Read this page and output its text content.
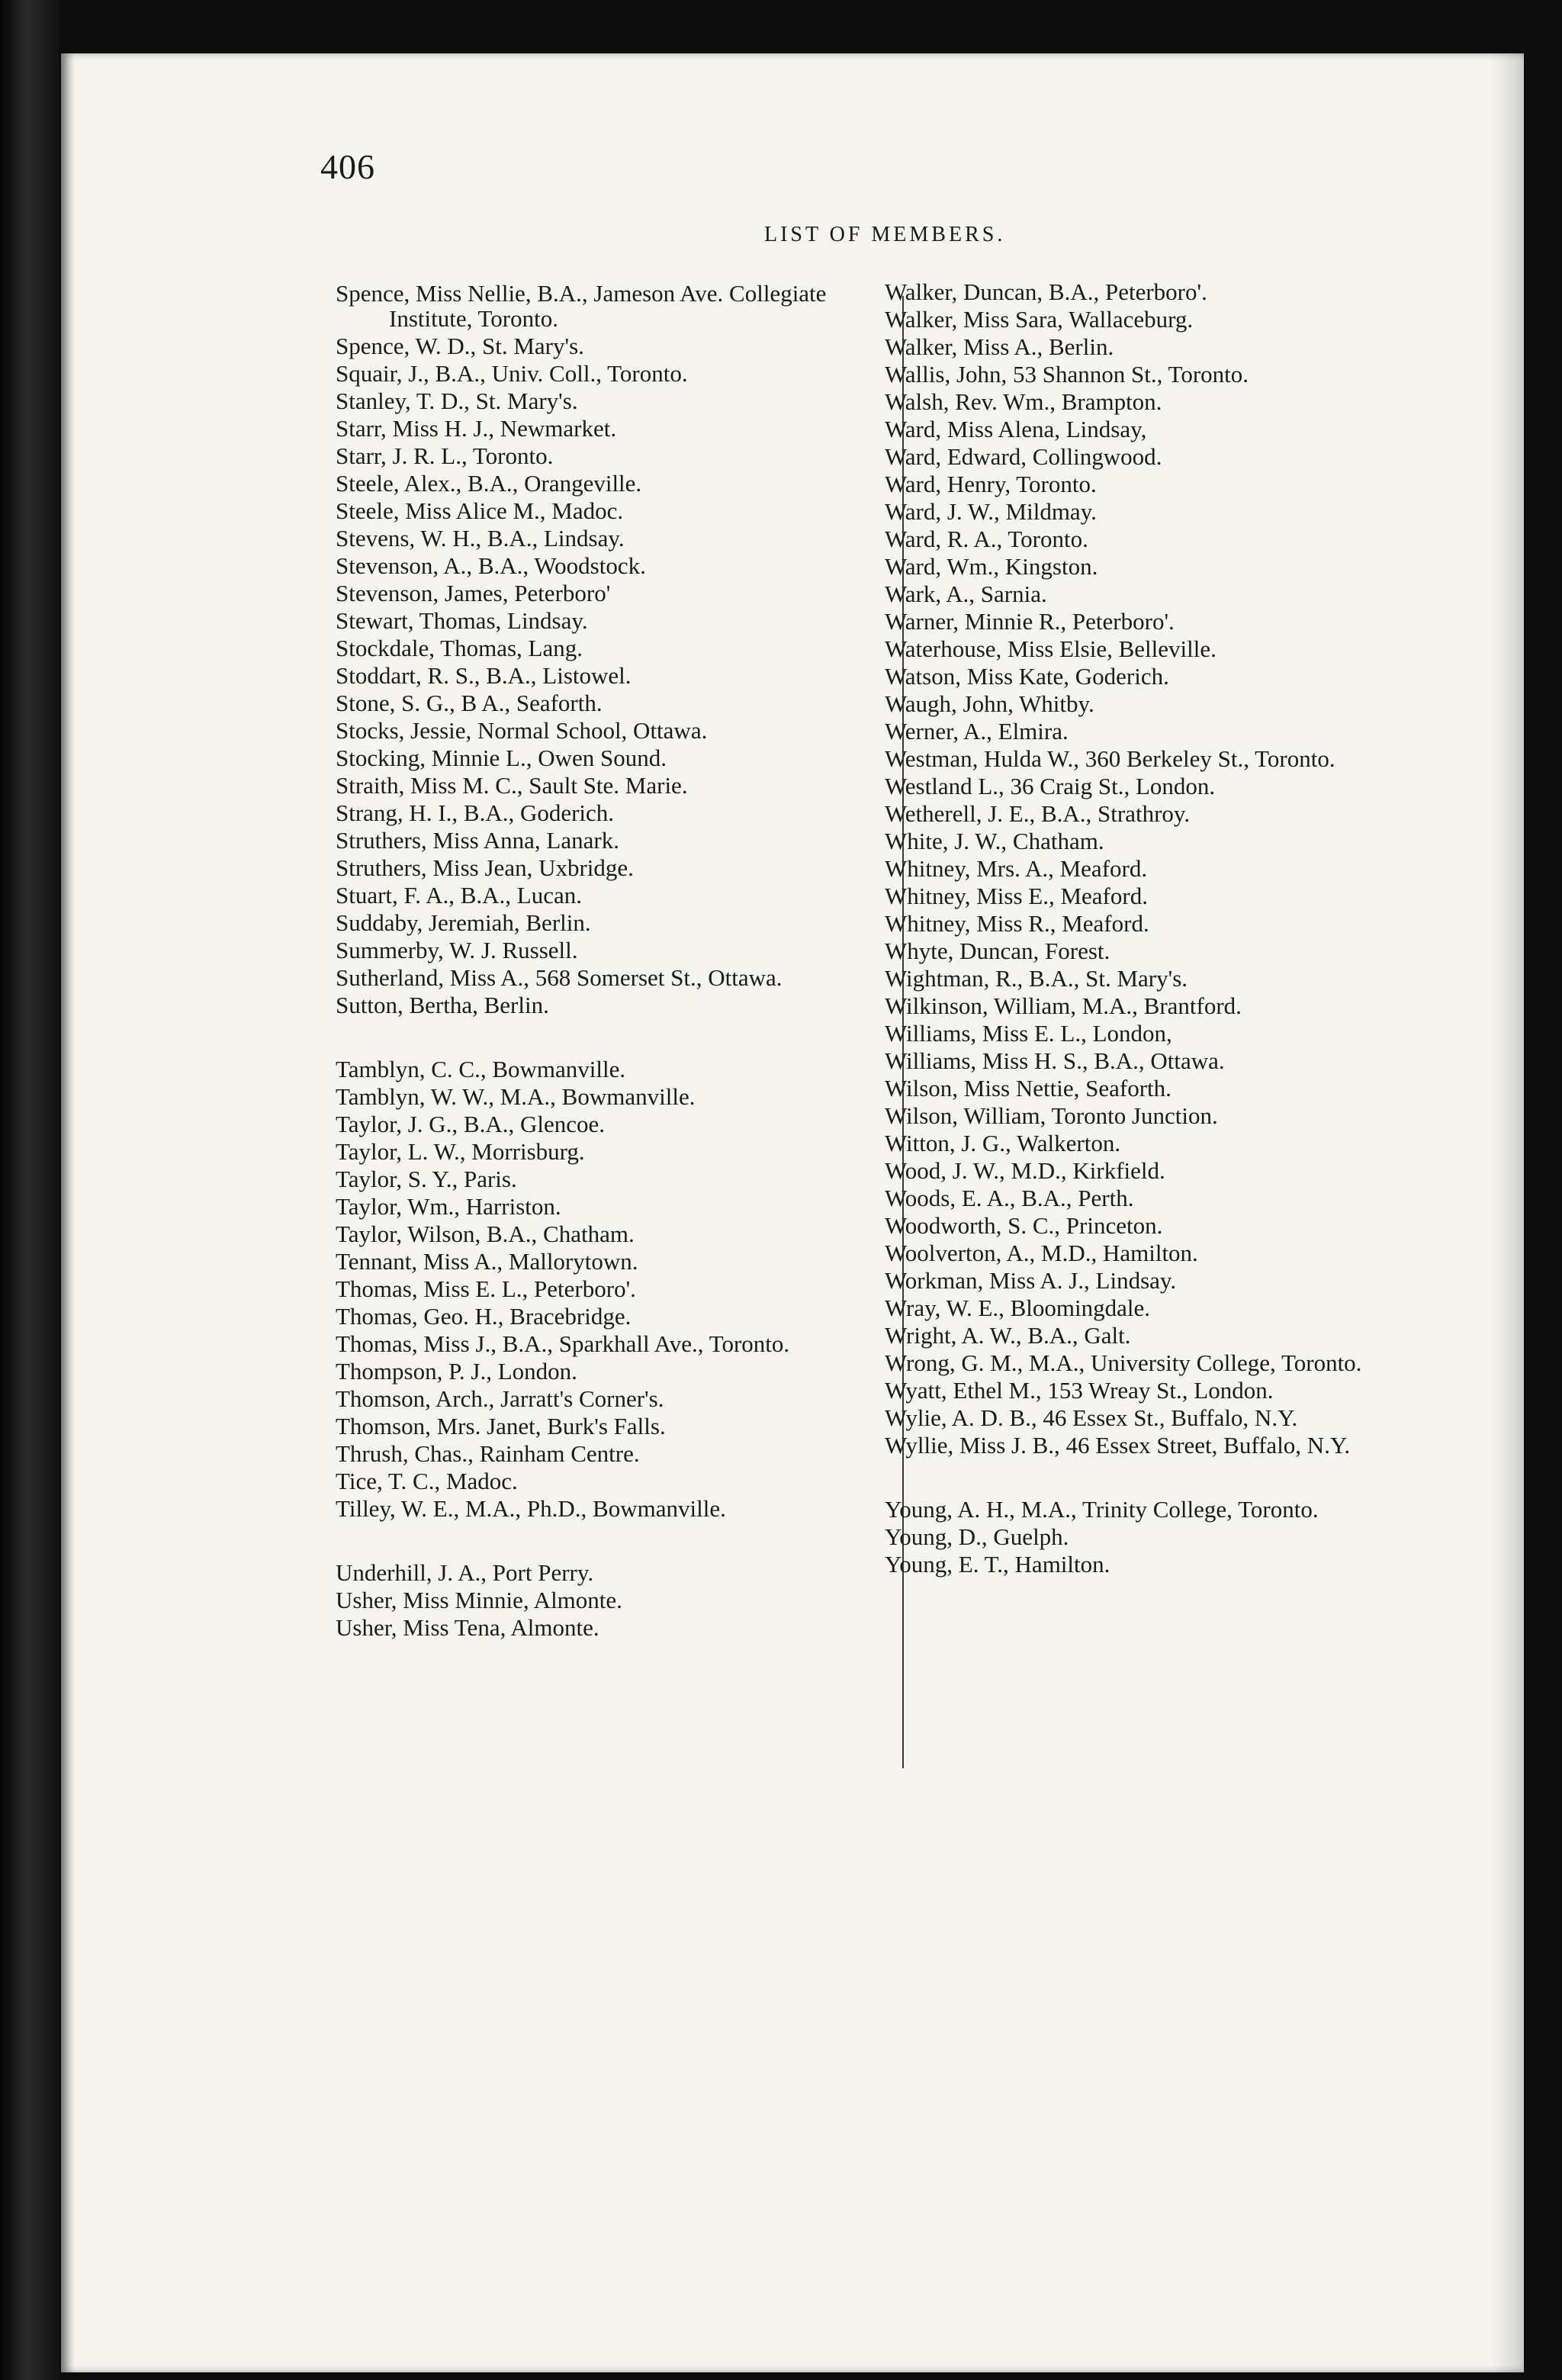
406
LIST OF MEMBERS.
Spence, Miss Nellie, B.A., Jameson Ave. Collegiate Institute, Toronto.
Spence, W. D., St. Mary's.
Squair, J., B.A., Univ. Coll., Toronto.
Stanley, T. D., St. Mary's.
Starr, Miss H. J., Newmarket.
Starr, J. R. L., Toronto.
Steele, Alex., B.A., Orangeville.
Steele, Miss Alice M., Madoc.
Stevens, W. H., B.A., Lindsay.
Stevenson, A., B.A., Woodstock.
Stevenson, James, Peterboro'
Stewart, Thomas, Lindsay.
Stockdale, Thomas, Lang.
Stoddart, R. S., B.A., Listowel.
Stone, S. G., B A., Seaforth.
Stocks, Jessie, Normal School, Ottawa.
Stocking, Minnie L., Owen Sound.
Straith, Miss M. C., Sault Ste. Marie.
Strang, H. I., B.A., Goderich.
Struthers, Miss Anna, Lanark.
Struthers, Miss Jean, Uxbridge.
Stuart, F. A., B.A., Lucan.
Suddaby, Jeremiah, Berlin.
Summerby, W. J. Russell.
Sutherland, Miss A., 568 Somerset St., Ottawa.
Sutton, Bertha, Berlin.
Tamblyn, C. C., Bowmanville.
Tamblyn, W. W., M.A., Bowmanville.
Taylor, J. G., B.A., Glencoe.
Taylor, L. W., Morrisburg.
Taylor, S. Y., Paris.
Taylor, Wm., Harriston.
Taylor, Wilson, B.A., Chatham.
Tennant, Miss A., Mallorytown.
Thomas, Miss E. L., Peterboro'.
Thomas, Geo. H., Bracebridge.
Thomas, Miss J., B.A., Sparkhall Ave., Toronto.
Thompson, P. J., London.
Thomson, Arch., Jarratt's Corner's.
Thomson, Mrs. Janet, Burk's Falls.
Thrush, Chas., Rainham Centre.
Tice, T. C., Madoc.
Tilley, W. E., M.A., Ph.D., Bowmanville.
Underhill, J. A., Port Perry.
Usher, Miss Minnie, Almonte.
Usher, Miss Tena, Almonte.
Walker, Duncan, B.A., Peterboro'.
Walker, Miss Sara, Wallaceburg.
Walker, Miss A., Berlin.
Wallis, John, 53 Shannon St., Toronto.
Walsh, Rev. Wm., Brampton.
Ward, Miss Alena, Lindsay,
Ward, Edward, Collingwood.
Ward, Henry, Toronto.
Ward, J. W., Mildmay.
Ward, R. A., Toronto.
Ward, Wm., Kingston.
Wark, A., Sarnia.
Warner, Minnie R., Peterboro'.
Waterhouse, Miss Elsie, Belleville.
Watson, Miss Kate, Goderich.
Waugh, John, Whitby.
Werner, A., Elmira.
Westman, Hulda W., 360 Berkeley St., Toronto.
Westland L., 36 Craig St., London.
Wetherell, J. E., B.A., Strathroy.
White, J. W., Chatham.
Whitney, Mrs. A., Meaford.
Whitney, Miss E., Meaford.
Whitney, Miss R., Meaford.
Whyte, Duncan, Forest.
Wightman, R., B.A., St. Mary's.
Wilkinson, William, M.A., Brantford.
Williams, Miss E. L., London,
Williams, Miss H. S., B.A., Ottawa.
Wilson, Miss Nettie, Seaforth.
Wilson, William, Toronto Junction.
Witton, J. G., Walkerton.
Wood, J. W., M.D., Kirkfield.
Woods, E. A., B.A., Perth.
Woodworth, S. C., Princeton.
Woolverton, A., M.D., Hamilton.
Workman, Miss A. J., Lindsay.
Wray, W. E., Bloomingdale.
Wright, A. W., B.A., Galt.
Wrong, G. M., M.A., University College, Toronto.
Wyatt, Ethel M., 153 Wreay St., London.
Wylie, A. D. B., 46 Essex St., Buffalo, N.Y.
Wyllie, Miss J. B., 46 Essex Street, Buffalo, N.Y.
Young, A. H., M.A., Trinity College, Toronto.
Young, D., Guelph.
Young, E. T., Hamilton.
